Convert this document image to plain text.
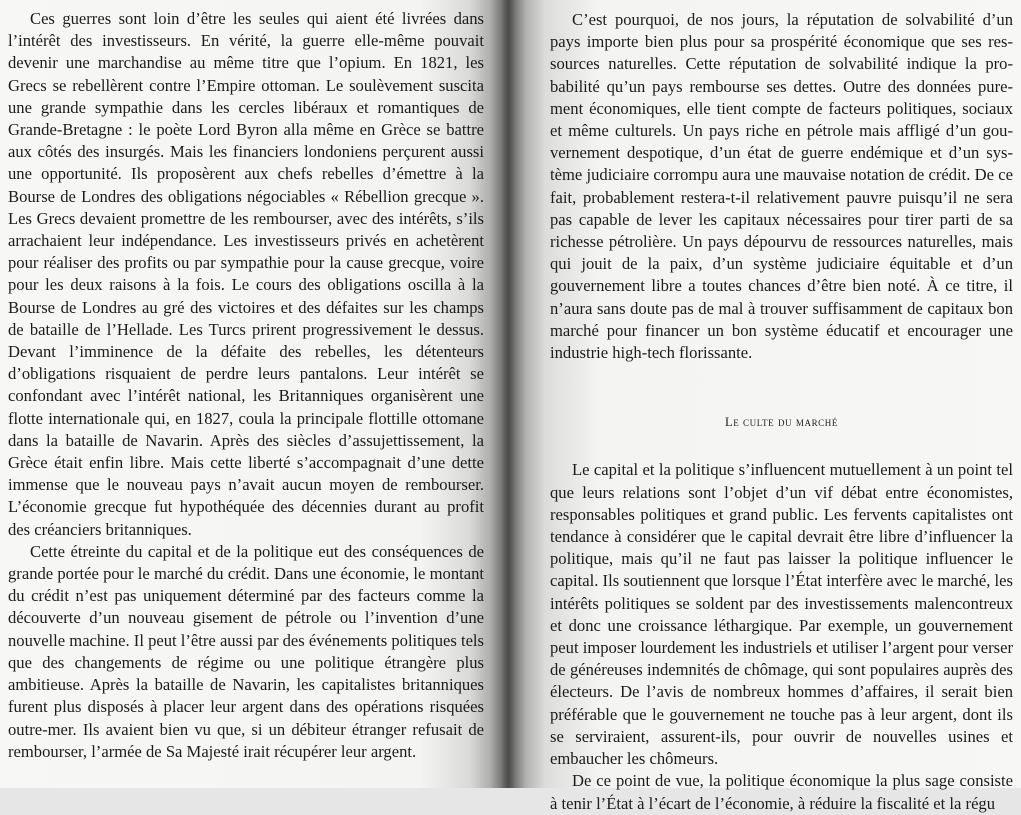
Ces guerres sont loin d’être les seules qui aient été livrées dans l’intérêt des investisseurs. En vérité, la guerre elle-même pouvait devenir une marchandise au même titre que l’opium. En 1821, les Grecs se rebellèrent contre l’Empire ottoman. Le soulèvement suscita une grande sympathie dans les cercles libéraux et romantiques de Grande-Bretagne : le poète Lord Byron alla même en Grèce se battre aux côtés des insurgés. Mais les financiers londoniens perçurent aussi une opportunité. Ils proposèrent aux chefs rebelles d’émettre à la Bourse de Londres des obligations négociables « Rébellion grecque ». Les Grecs devaient promettre de les rembourser, avec des intérêts, s’ils arrachaient leur indépendance. Les investisseurs privés en achetèrent pour réaliser des profits ou par sympathie pour la cause grecque, voire pour les deux raisons à la fois. Le cours des obligations oscilla à la Bourse de Londres au gré des victoires et des défaites sur les champs de bataille de l’Hellade. Les Turcs prirent progressivement le dessus. Devant l’imminence de la défaite des rebelles, les détenteurs d’obligations risquaient de perdre leurs pantalons. Leur intérêt se confondant avec l’intérêt national, les Britanniques organisèrent une flotte internationale qui, en 1827, coula la principale flottille ottomane dans la bataille de Navarin. Après des siècles d’assujettissement, la Grèce était enfin libre. Mais cette liberté s’accompagnait d’une dette immense que le nouveau pays n’avait aucun moyen de rembourser. L’économie grecque fut hypothéquée des décennies durant au profit des créanciers britanniques.

Cette étreinte du capital et de la politique eut des conséquences de grande portée pour le marché du crédit. Dans une économie, le montant du crédit n’est pas uniquement déterminé par des facteurs comme la découverte d’un nouveau gisement de pétrole ou l’invention d’une nouvelle machine. Il peut l’être aussi par des événements politiques tels que des changements de régime ou une politique étrangère plus ambitieuse. Après la bataille de Navarin, les capitalistes britanniques furent plus disposés à placer leur argent dans des opérations risquées outre-mer. Ils avaient bien vu que, si un débiteur étranger refusait de rembourser, l’armée de Sa Majesté irait récupérer leur argent.

C’est pourquoi, de nos jours, la réputation de solvabilité d’un pays importe bien plus pour sa prospérité économique que ses ressources naturelles. Cette réputation de solvabilité indique la probabilité qu’un pays rembourse ses dettes. Outre des données purement économiques, elle tient compte de facteurs politiques, sociaux et même culturels. Un pays riche en pétrole mais affligé d’un gouvernement despotique, d’un état de guerre endémique et d’un système judiciaire corrompu aura une mauvaise notation de crédit. De ce fait, probablement restera-t-il relativement pauvre puisqu’il ne sera pas capable de lever les capitaux nécessaires pour tirer parti de sa richesse pétrolière. Un pays dépourvu de ressources naturelles, mais qui jouit de la paix, d’un système judiciaire équitable et d’un gouvernement libre a toutes chances d’être bien noté. À ce titre, il n’aura sans doute pas de mal à trouver suffisamment de capitaux bon marché pour financer un bon système éducatif et encourager une industrie high-tech florissante.

Le culte du marché

Le capital et la politique s’influencent mutuellement à un point tel que leurs relations sont l’objet d’un vif débat entre économistes, responsables politiques et grand public. Les fervents capitalistes ont tendance à considérer que le capital devrait être libre d’influencer la politique, mais qu’il ne faut pas laisser la politique influencer le capital. Ils soutiennent que lorsque l’État interfère avec le marché, les intérêts politiques se soldent par des investissements malencontreux et donc une croissance léthargique. Par exemple, un gouvernement peut imposer lourdement les industriels et utiliser l’argent pour verser de généreuses indemnités de chômage, qui sont populaires auprès des électeurs. De l’avis de nombreux hommes d’affaires, il serait bien préférable que le gouvernement ne touche pas à leur argent, dont ils se serviraient, assurent-ils, pour ouvrir de nouvelles usines et embaucher les chômeurs.

De ce point de vue, la politique économique la plus sage consiste à tenir l’État à l’écart de l’économie, à réduire la fiscalité et la régu
